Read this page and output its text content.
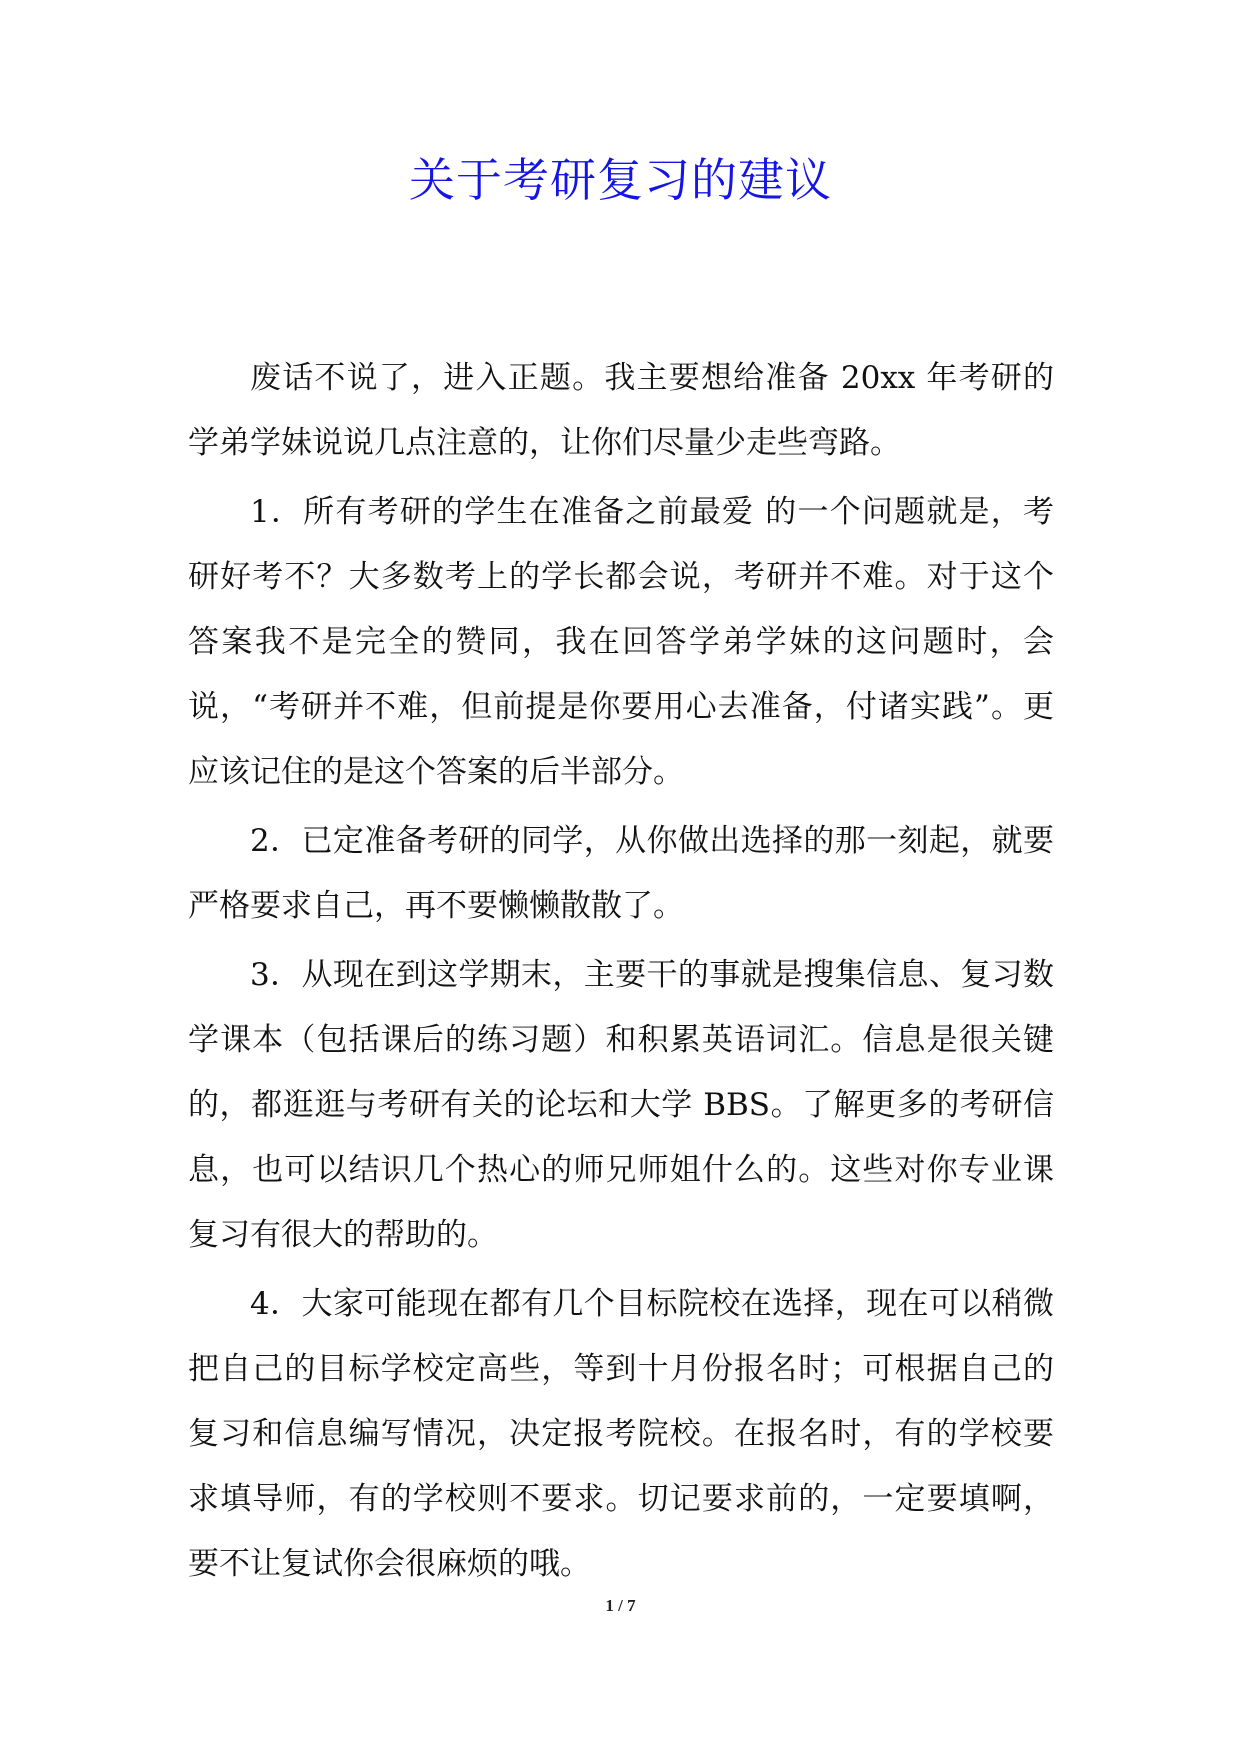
关于考研复习的建议

废话不说了，进入正题。我主要想给准备 20xx 年考研的学弟学妹说说几点注意的，让你们尽量少走些弯路。

1．所有考研的学生在准备之前最爱 的一个问题就是，考研好考不？大多数考上的学长都会说，考研并不难。对于这个答案我不是完全的赞同，我在回答学弟学妹的这问题时，会说，“考研并不难，但前提是你要用心去准备，付诸实践”。更应该记住的是这个答案的后半部分。

2．已定准备考研的同学，从你做出选择的那一刻起，就要严格要求自己，再不要懒懒散散了。

3．从现在到这学期末，主要干的事就是搜集信息、复习数学课本（包括课后的练习题）和积累英语词汇。信息是很关键的，都逛逛与考研有关的论坛和大学 BBS。了解更多的考研信息，也可以结识几个热心的师兄师姐什么的。这些对你专业课复习有很大的帮助的。

4．大家可能现在都有几个目标院校在选择，现在可以稍微把自己的目标学校定高些，等到十月份报名时；可根据自己的复习和信息编写情况，决定报考院校。在报名时，有的学校要求填导师，有的学校则不要求。切记要求前的，一定要填啊，要不让复试你会很麻烦的哦。

1 / 7
